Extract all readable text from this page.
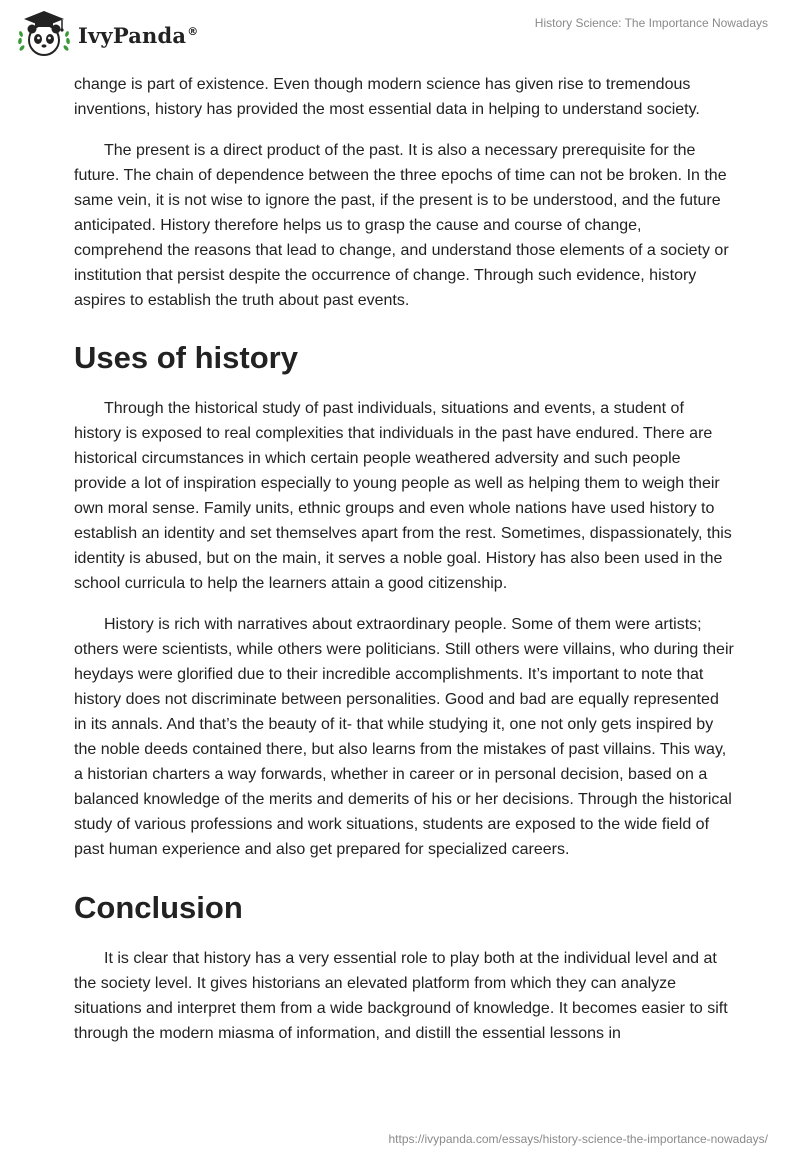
IvyPanda®
History Science: The Importance Nowadays

change is part of existence. Even though modern science has given rise to tremendous inventions, history has provided the most essential data in helping to understand society.

The present is a direct product of the past. It is also a necessary prerequisite for the future. The chain of dependence between the three epochs of time can not be broken. In the same vein, it is not wise to ignore the past, if the present is to be understood, and the future anticipated. History therefore helps us to grasp the cause and course of change, comprehend the reasons that lead to change, and understand those elements of a society or institution that persist despite the occurrence of change. Through such evidence, history aspires to establish the truth about past events.

Uses of history

Through the historical study of past individuals, situations and events, a student of history is exposed to real complexities that individuals in the past have endured. There are historical circumstances in which certain people weathered adversity and such people provide a lot of inspiration especially to young people as well as helping them to weigh their own moral sense. Family units, ethnic groups and even whole nations have used history to establish an identity and set themselves apart from the rest. Sometimes, dispassionately, this identity is abused, but on the main, it serves a noble goal. History has also been used in the school curricula to help the learners attain a good citizenship.

History is rich with narratives about extraordinary people. Some of them were artists; others were scientists, while others were politicians. Still others were villains, who during their heydays were glorified due to their incredible accomplishments. It’s important to note that history does not discriminate between personalities. Good and bad are equally represented in its annals. And that’s the beauty of it- that while studying it, one not only gets inspired by the noble deeds contained there, but also learns from the mistakes of past villains. This way, a historian charters a way forwards, whether in career or in personal decision, based on a balanced knowledge of the merits and demerits of his or her decisions. Through the historical study of various professions and work situations, students are exposed to the wide field of past human experience and also get prepared for specialized careers.

Conclusion

It is clear that history has a very essential role to play both at the individual level and at the society level. It gives historians an elevated platform from which they can analyze situations and interpret them from a wide background of knowledge. It becomes easier to sift through the modern miasma of information, and distill the essential lessons in

https://ivypanda.com/essays/history-science-the-importance-nowadays/
